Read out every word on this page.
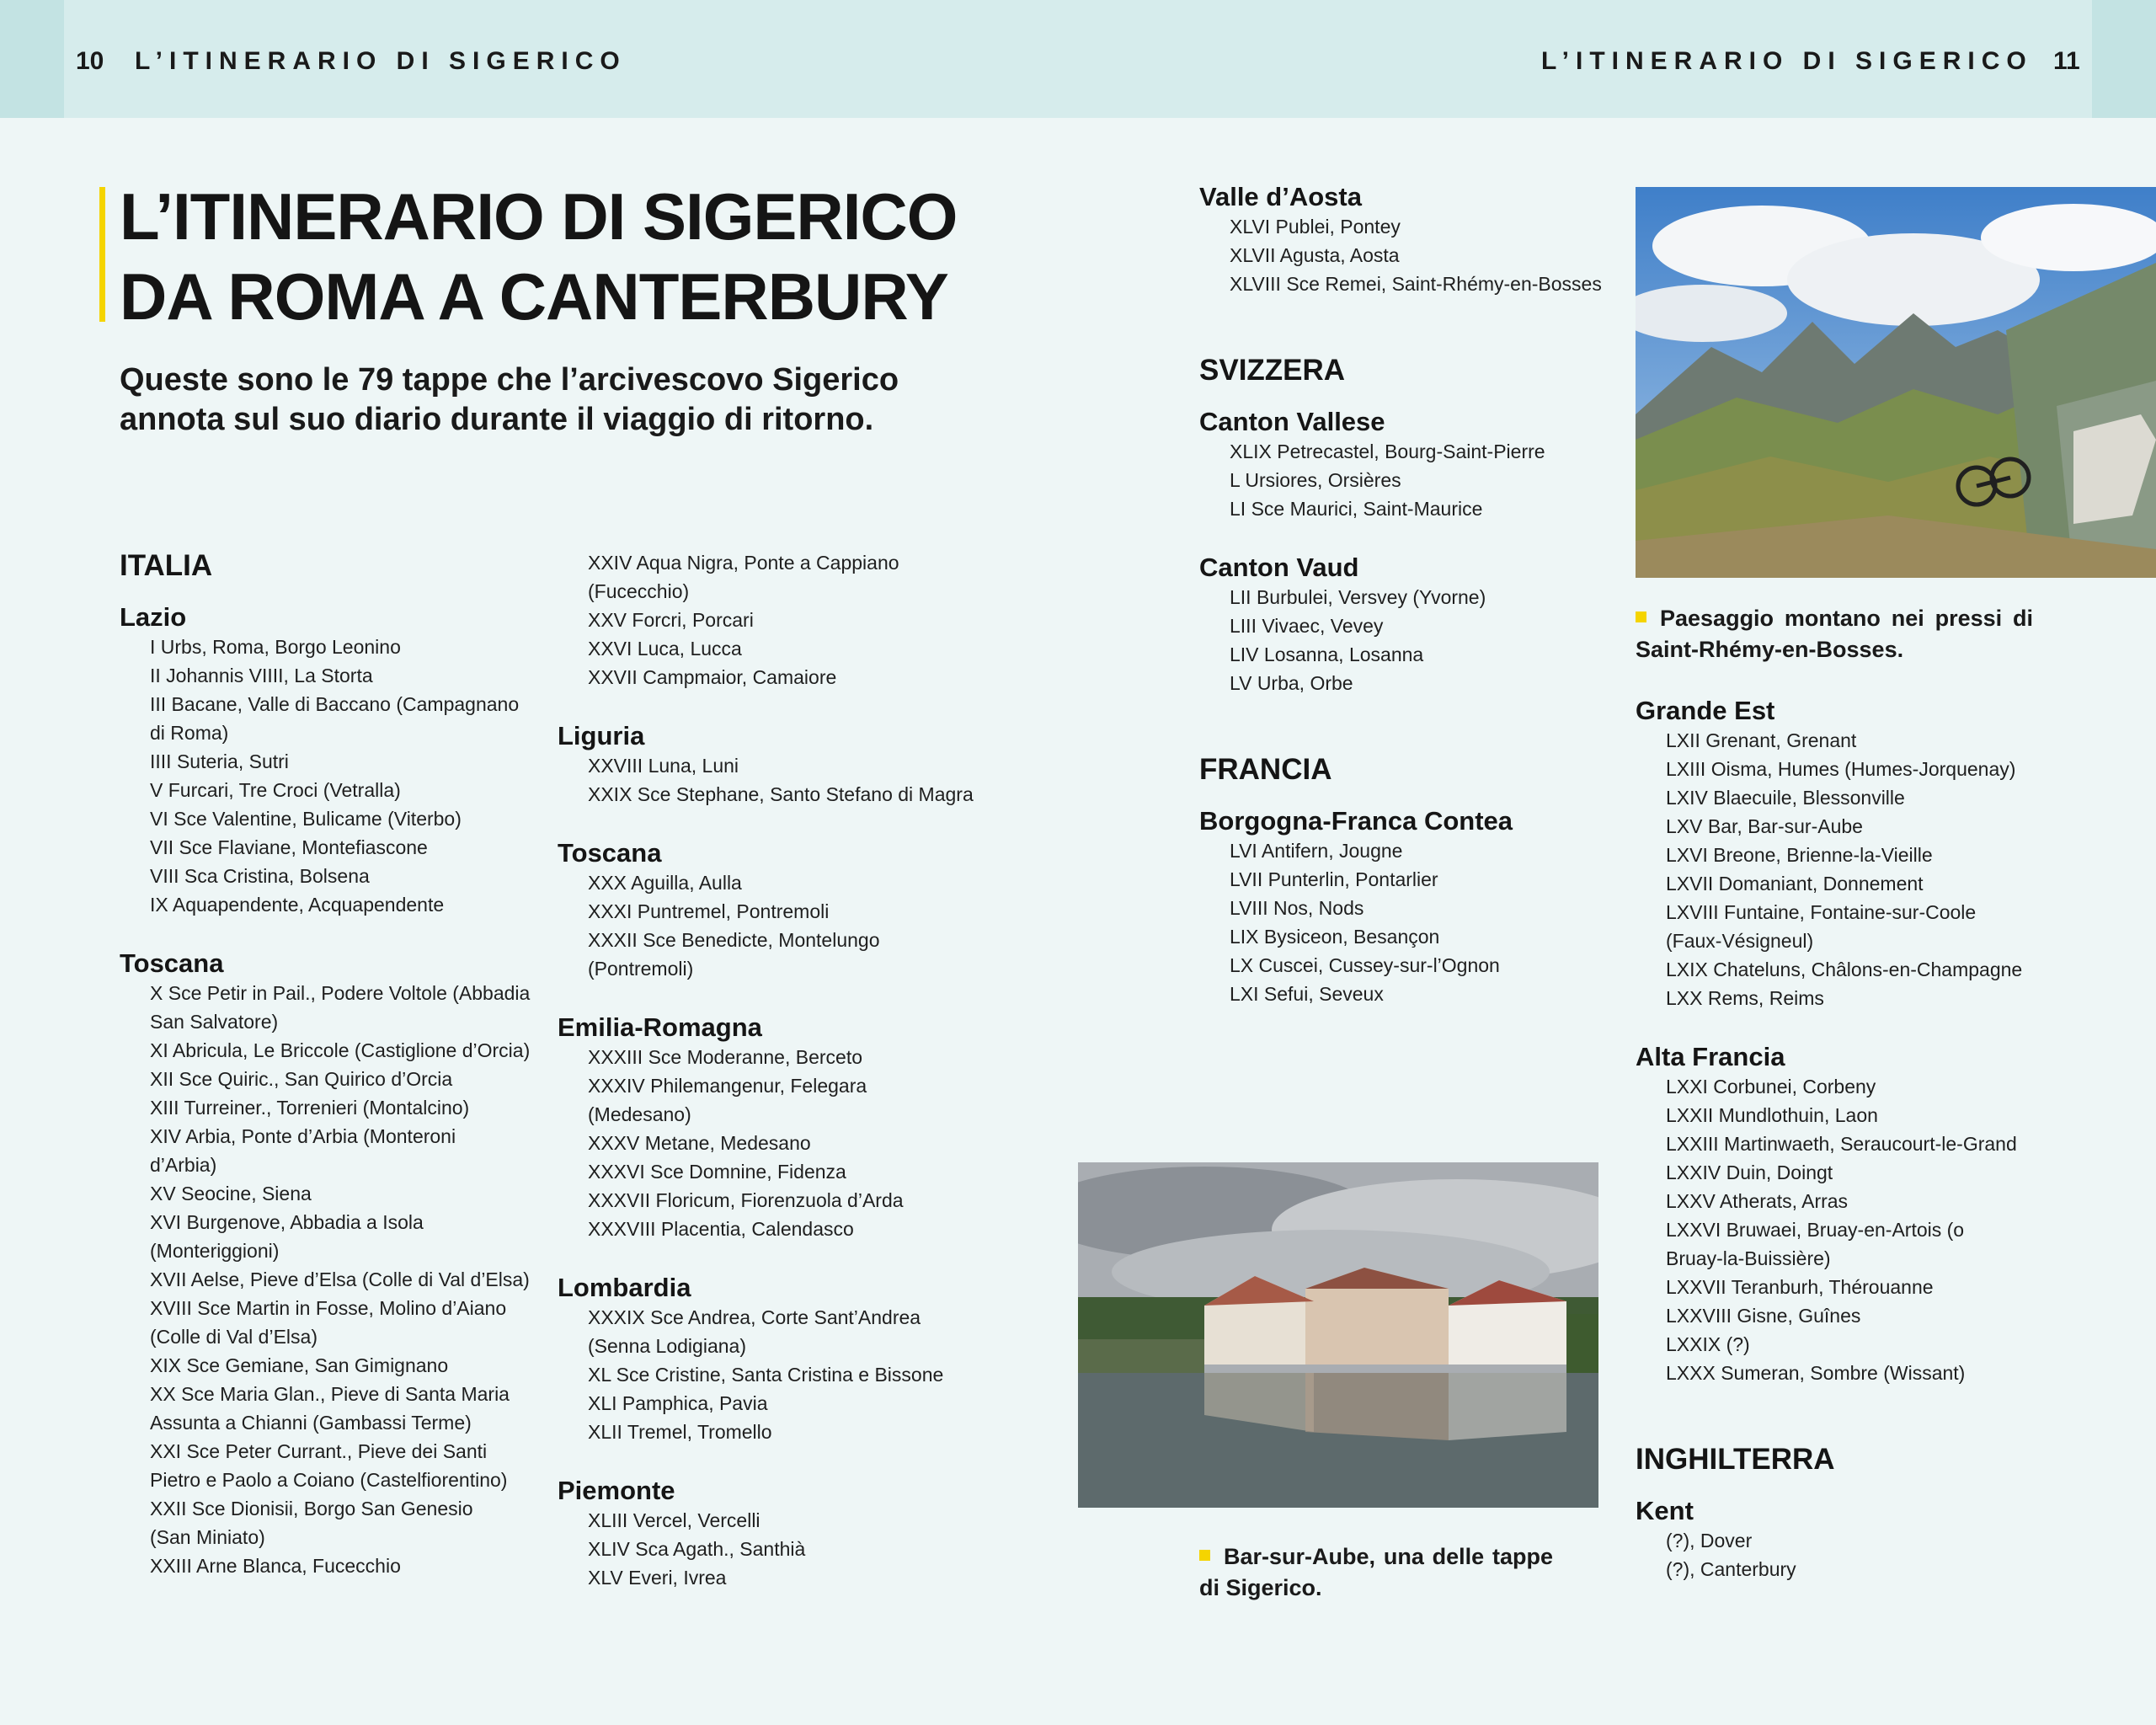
10 L’ITINERARIO DI SIGERICO	L’ITINERARIO DI SIGERICO 11
L’ITINERARIO DI SIGERICO
DA ROMA A CANTERBURY
Queste sono le 79 tappe che l’arcivescovo Sigerico annota sul suo diario durante il viaggio di ritorno.
ITALIA
Lazio
I Urbs, Roma, Borgo Leonino
II Johannis VIIII, La Storta
III Bacane, Valle di Baccano (Campagnano
di Roma)
IIII Suteria, Sutri
V Furcari, Tre Croci (Vetralla)
VI Sce Valentine, Bulicame (Viterbo)
VII Sce Flaviane, Montefiascone
VIII Sca Cristina, Bolsena
IX Aquapendente, Acquapendente
Toscana
X Sce Petir in Pail., Podere Voltole (Abbadia
San Salvatore)
XI Abricula, Le Briccole (Castiglione d’Orcia)
XII Sce Quiric., San Quirico d’Orcia
XIII Turreiner., Torrenieri (Montalcino)
XIV Arbia, Ponte d’Arbia (Monteroni
d’Arbia)
XV Seocine, Siena
XVI Burgenove, Abbadia a Isola
(Monteriggioni)
XVII Aelse, Pieve d’Elsa (Colle di Val d’Elsa)
XVIII Sce Martin in Fosse, Molino d’Aiano
(Colle di Val d’Elsa)
XIX Sce Gemiane, San Gimignano
XX Sce Maria Glan., Pieve di Santa Maria
Assunta a Chianni (Gambassi Terme)
XXI Sce Peter Currant., Pieve dei Santi
Pietro e Paolo a Coiano (Castelfiorentino)
XXII Sce Dionisii, Borgo San Genesio
(San Miniato)
XXIII Arne Blanca, Fucecchio
XXIV Aqua Nigra, Ponte a Cappiano
(Fucecchio)
XXV Forcri, Porcari
XXVI Luca, Lucca
XXVII Campmaior, Camaiore
Liguria
XXVIII Luna, Luni
XXIX Sce Stephane, Santo Stefano di Magra
Toscana
XXX Aguilla, Aulla
XXXI Puntremel, Pontremoli
XXXII Sce Benedicte, Montelungo
(Pontremoli)
Emilia-Romagna
XXXIII Sce Moderanne, Berceto
XXXIV Philemangenur, Felegara
(Medesano)
XXXV Metane, Medesano
XXXVI Sce Domnine, Fidenza
XXXVII Floricum, Fiorenzuola d’Arda
XXXVIII Placentia, Calendasco
Lombardia
XXXIX Sce Andrea, Corte Sant’Andrea
(Senna Lodigiana)
XL Sce Cristine, Santa Cristina e Bissone
XLI Pamphica, Pavia
XLII Tremel, Tromello
Piemonte
XLIII Vercel, Vercelli
XLIV Sca Agath., Santhià
XLV Everi, Ivrea
Valle d’Aosta
XLVI Publei, Pontey
XLVII Agusta, Aosta
XLVIII Sce Remei, Saint-Rhémy-en-Bosses
SVIZZERA
Canton Vallese
XLIX Petrecastel, Bourg-Saint-Pierre
L Ursiores, Orsières
LI Sce Maurici, Saint-Maurice
Canton Vaud
LII Burbulei, Versvey (Yvorne)
LIII Vivaec, Vevey
LIV Losanna, Losanna
LV Urba, Orbe
FRANCIA
Borgogna-Franca Contea
LVI Antifern, Jougne
LVII Punterlin, Pontarlier
LVIII Nos, Nods
LIX Bysiceon, Besançon
LX Cuscei, Cussey-sur-l’Ognon
LXI Sefui, Seveux
Grande Est
LXII Grenant, Grenant
LXIII Oisma, Humes (Humes-Jorquenay)
LXIV Blaecuile, Blessonville
LXV Bar, Bar-sur-Aube
LXVI Breone, Brienne-la-Vieille
LXVII Domaniant, Donnement
LXVIII Funtaine, Fontaine-sur-Coole
(Faux-Vésigneul)
LXIX Chateluns, Châlons-en-Champagne
LXX Rems, Reims
Alta Francia
LXXI Corbunei, Corbeny
LXXII Mundlothuin, Laon
LXXIII Martinwaeth, Seraucourt-le-Grand
LXXIV Duin, Doingt
LXXV Atherats, Arras
LXXVI Bruwaei, Bruay-en-Artois (o
Bruay-la-Buissière)
LXXVII Teranburh, Thérouanne
LXXVIII Gisne, Guînes
LXXIX (?)
LXXX Sumeran, Sombre (Wissant)
INGHILTERRA
Kent
(?), Dover
(?), Canterbury
Paesaggio montano nei pressi di Saint-Rhémy-en-Bosses.
Bar-sur-Aube, una delle tappe di Sigerico.
